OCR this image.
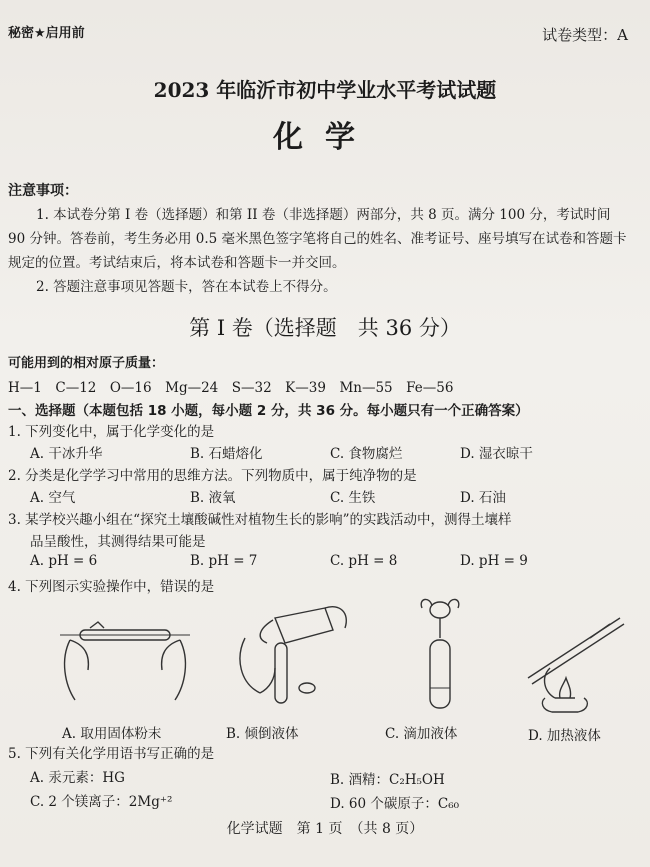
秘密★启用前	试卷类型：A
2023 年临沂市初中学业水平考试试题
化学
注意事项：
1. 本试卷分第 I 卷（选择题）和第 II 卷（非选择题）两部分，共 8 页。满分 100 分，考试时间 90 分钟。答卷前，考生务必用 0.5 毫米黑色签字笔将自己的姓名、准考证号、座号填写在试卷和答题卡规定的位置。考试结束后，将本试卷和答题卡一并交回。
2. 答题注意事项见答题卡，答在本试卷上不得分。
第 I 卷（选择题　共 36 分）
可能用到的相对原子质量：
H—1　C—12　O—16　Mg—24　S—32　K—39　Mn—55　Fe—56
一、选择题（本题包括 18 小题，每小题 2 分，共 36 分。每小题只有一个正确答案）
1. 下列变化中，属于化学变化的是
A. 干冰升华	B. 石蜡熔化	C. 食物腐烂	D. 湿衣晾干
2. 分类是化学学习中常用的思维方法。下列物质中，属于纯净物的是
A. 空气	B. 液氧	C. 生铁	D. 石油
3. 某学校兴趣小组在“探究土壤酸碱性对植物生长的影响”的实践活动中，测得土壤样
品呈酸性，其测得结果可能是
A. pH = 6	B. pH = 7	C. pH = 8	D. pH = 9
4. 下列图示实验操作中，错误的是
A. 取用固体粉末	B. 倾倒液体	C. 滴加液体	D. 加热液体
5. 下列有关化学用语书写正确的是
A. 汞元素：HG	B. 酒精：C₂H₅OH
C. 2 个镁离子：2Mg⁺²	D. 60 个碳原子：C₆₀
化学试题　第 1 页　（共 8 页）
